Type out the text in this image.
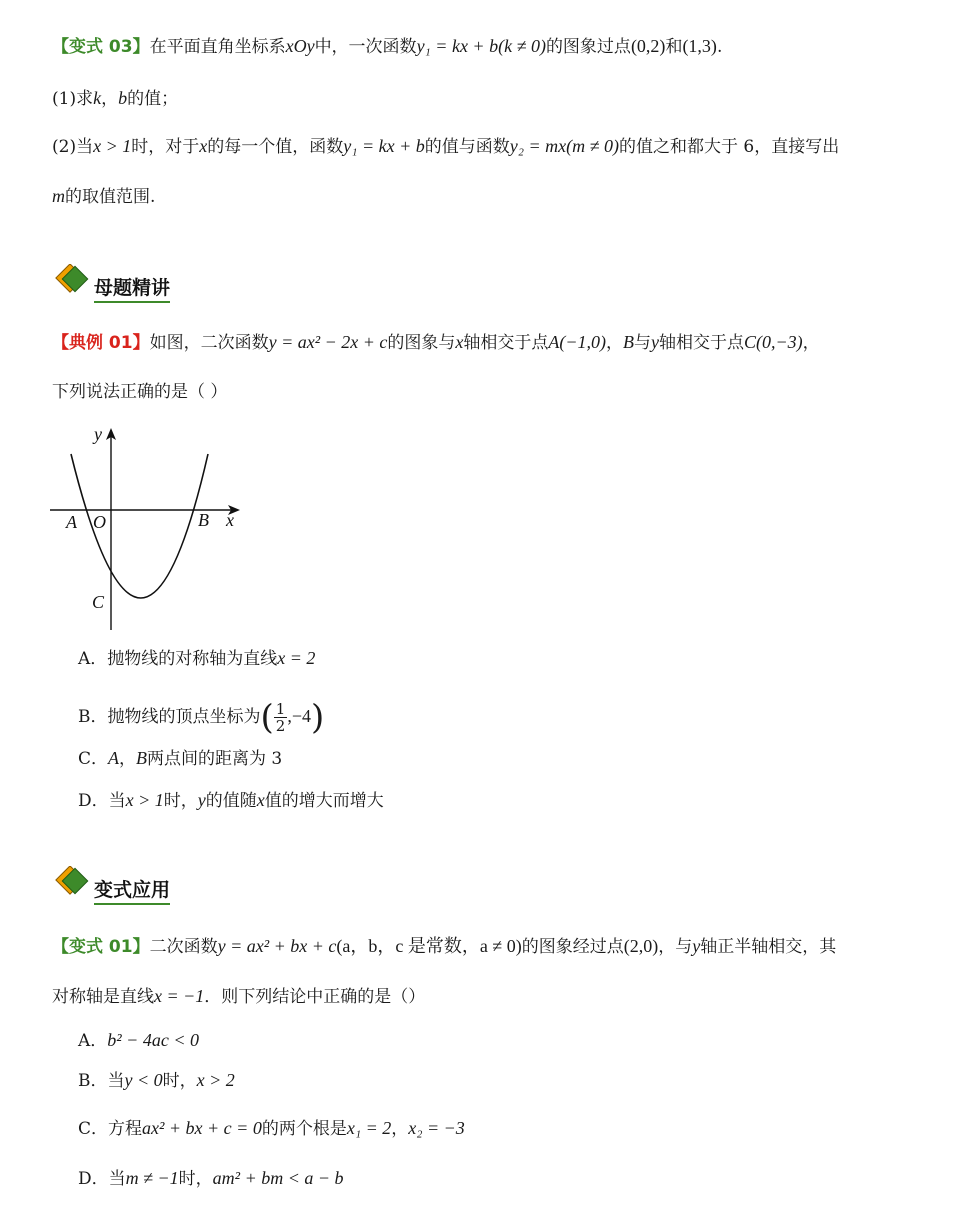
【变式 03】在平面直角坐标系xOy中，一次函数y₁ = kx + b(k ≠ 0)的图象过点(0,2)和(1,3).
(1)求k，b的值；
(2)当x > 1时，对于x的每一个值，函数y₁ = kx + b的值与函数y₂ = mx(m ≠ 0)的值之和都大于 6，直接写出
m的取值范围.
母题精讲
【典例 01】如图，二次函数y = ax² − 2x + c的图象与x轴相交于点A(−1,0)，B与y轴相交于点C(0,−3)，
下列说法正确的是（ ）
y
x
A O	B
C
A．抛物线的对称轴为直线x = 2
B．抛物线的顶点坐标为( $\frac{1}{2} ,-4$)
C．A，B两点间的距离为 3
D．当x > 1时，y的值随x值的增大而增大
变式应用
【变式 01】二次函数y = ax² + bx + c(a，b，c 是常数，a ≠ 0)的图象经过点(2,0)，与y轴正半轴相交，其
对称轴是直线x = −1．则下列结论中正确的是（）
A．b² − 4ac < 0
B．当y < 0时，x > 2
C．方程ax² + bx + c = 0的两个根是x₁ = 2，x₂ = −3
D．当m ≠ −1时，am² + bm < a − b
